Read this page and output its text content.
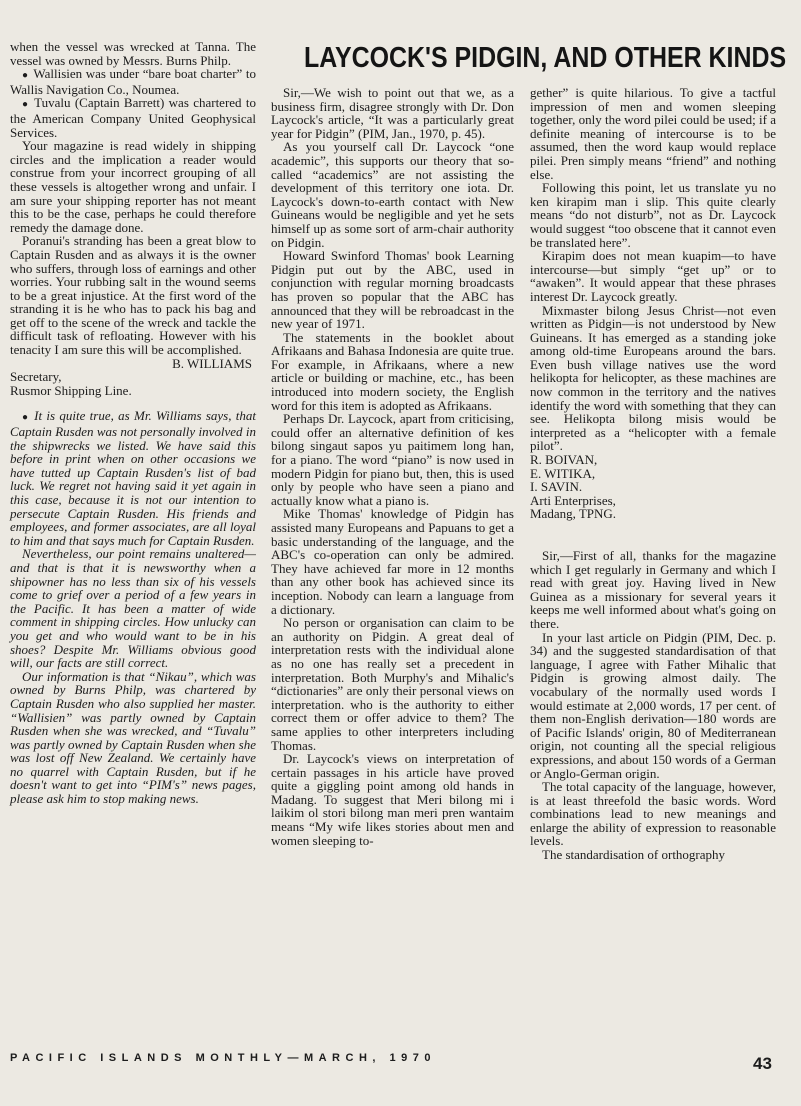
LAYCOCK'S PIDGIN, AND OTHER KINDS

when the vessel was wrecked at Tanna. The vessel was owned by Messrs. Burns Philp.

● Wallisien was under “bare boat charter” to Wallis Navigation Co., Noumea.

● Tuvalu (Captain Barrett) was chartered to the American Company United Geophysical Services.

Your magazine is read widely in shipping circles and the implication a reader would construe from your incorrect grouping of all these vessels is altogether wrong and unfair. I am sure your shipping reporter has not meant this to be the case, perhaps he could therefore remedy the damage done.

Poranui's stranding has been a great blow to Captain Rusden and as always it is the owner who suffers, through loss of earnings and other worries. Your rubbing salt in the wound seems to be a great injustice. At the first word of the stranding it is he who has to pack his bag and get off to the scene of the wreck and tackle the difficult task of refloating. However with his tenacity I am sure this will be accomplished.

B. WILLIAMS

Secretary,

Rusmor Shipping Line.

● It is quite true, as Mr. Williams says, that Captain Rusden was not personally involved in the shipwrecks we listed. We have said this before in print when on other occasions we have tutted up Captain Rusden's list of bad luck. We regret not having said it yet again in this case, because it is not our intention to persecute Captain Rusden. His friends and employees, and former associates, are all loyal to him and that says much for Captain Rusden.

Nevertheless, our point remains unaltered—and that is that it is newsworthy when a shipowner has no less than six of his vessels come to grief over a period of a few years in the Pacific. It has been a matter of wide comment in shipping circles. How unlucky can you get and who would want to be in his shoes? Despite Mr. Williams obvious good will, our facts are still correct.

Our information is that “Nikau”, which was owned by Burns Philp, was chartered by Captain Rusden who also supplied her master. “Wallisien” was partly owned by Captain Rusden when she was wrecked, and “Tuvalu” was partly owned by Captain Rusden when she was lost off New Zealand. We certainly have no quarrel with Captain Rusden, but if he doesn't want to get into “PIM's” news pages, please ask him to stop making news.

Sir,—We wish to point out that we, as a business firm, disagree strongly with Dr. Don Laycock's article, “It was a particularly great year for Pidgin” (PIM, Jan., 1970, p. 45).

As you yourself call Dr. Laycock “one academic”, this supports our theory that so-called “academics” are not assisting the development of this territory one iota. Dr. Laycock's down-to-earth contact with New Guineans would be negligible and yet he sets himself up as some sort of arm-chair authority on Pidgin.

Howard Swinford Thomas' book Learning Pidgin put out by the ABC, used in conjunction with regular morning broadcasts has proven so popular that the ABC has announced that they will be rebroadcast in the new year of 1971.

The statements in the booklet about Afrikaans and Bahasa Indonesia are quite true. For example, in Afrikaans, where a new article or building or machine, etc., has been introduced into modern society, the English word for this item is adopted as Afrikaans.

Perhaps Dr. Laycock, apart from criticising, could offer an alternative definition of kes bilong singaut sapos yu paitimem long han, for a piano. The word “piano” is now used in modern Pidgin for piano but, then, this is used only by people who have seen a piano and actually know what a piano is.

Mike Thomas' knowledge of Pidgin has assisted many Europeans and Papuans to get a basic understanding of the language, and the ABC's co-operation can only be admired. They have achieved far more in 12 months than any other book has achieved since its inception. Nobody can learn a language from a dictionary.

No person or organisation can claim to be an authority on Pidgin. A great deal of interpretation rests with the individual alone as no one has really set a precedent in interpretation. Both Murphy's and Mihalic's “dictionaries” are only their personal views on interpretation. who is the authority to either correct them or offer advice to them? The same applies to other interpreters including Thomas.

Dr. Laycock's views on interpretation of certain passages in his article have proved quite a giggling point among old hands in Madang. To suggest that Meri bilong mi i laikim ol stori bilong man meri pren wantaim means “My wife likes stories about men and women sleeping to-

gether” is quite hilarious. To give a tactful impression of men and women sleeping together, only the word pilei could be used; if a definite meaning of intercourse is to be assumed, then the word kaup would replace pilei. Pren simply means “friend” and nothing else.

Following this point, let us translate yu no ken kirapim man i slip. This quite clearly means “do not disturb”, not as Dr. Laycock would suggest “too obscene that it cannot even be translated here”.

Kirapim does not mean kuapim—to have intercourse—but simply “get up” or to “awaken”. It would appear that these phrases interest Dr. Laycock greatly.

Mixmaster bilong Jesus Christ—not even written as Pidgin—is not understood by New Guineans. It has emerged as a standing joke among old-time Europeans around the bars. Even bush village natives use the word helikopta for helicopter, as these machines are now common in the territory and the natives identify the word with something that they can see. Helikopta bilong misis would be interpreted as a “helicopter with a female pilot”.

R. BOIVAN,

E. WITIKA,

I. SAVIN.

Arti Enterprises,

Madang, TPNG.

Sir,—First of all, thanks for the magazine which I get regularly in Germany and which I read with great joy. Having lived in New Guinea as a missionary for several years it keeps me well informed about what's going on there.

In your last article on Pidgin (PIM, Dec. p. 34) and the suggested standardisation of that language, I agree with Father Mihalic that Pidgin is growing almost daily. The vocabulary of the normally used words I would estimate at 2,000 words, 17 per cent. of them non-English derivation—180 words are of Pacific Islands' origin, 80 of Mediterranean origin, not counting all the special religious expressions, and about 150 words of a German or Anglo-German origin.

The total capacity of the language, however, is at least threefold the basic words. Word combinations lead to new meanings and enlarge the ability of expression to reasonable levels.

The standardisation of orthography

PACIFIC ISLANDS MONTHLY—MARCH, 1970	43
